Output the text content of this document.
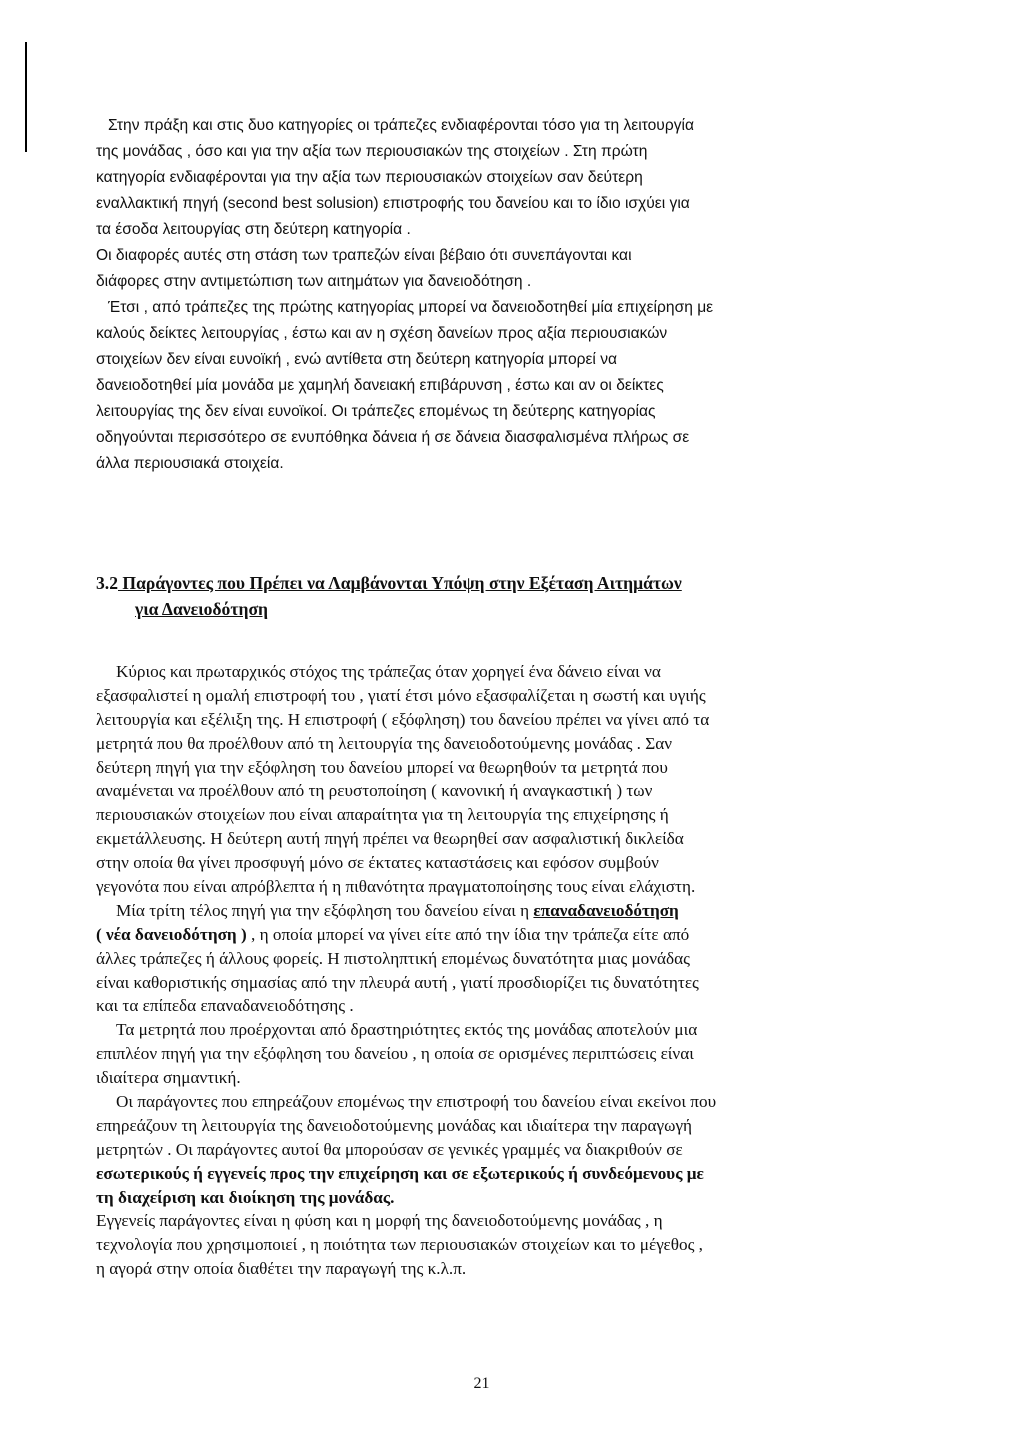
Στην πράξη και στις δυο κατηγορίες οι τράπεζες ενδιαφέρονται τόσο για τη λειτουργία
της μονάδας , όσο και για την αξία των περιουσιακών της στοιχείων . Στη πρώτη
κατηγορία ενδιαφέρονται για την αξία των περιουσιακών στοιχείων σαν δεύτερη
εναλλακτική πηγή (second best solusion) επιστροφής του δανείου και το ίδιο ισχύει για
τα έσοδα λειτουργίας στη δεύτερη κατηγορία .
Οι διαφορές αυτές στη στάση των τραπεζών είναι βέβαιο ότι συνεπάγονται και
διάφορες στην αντιμετώπιση των αιτημάτων για δανειοδότηση .
Έτσι , από τράπεζες της πρώτης κατηγορίας μπορεί να δανειοδοτηθεί μία επιχείρηση με
καλούς δείκτες λειτουργίας , έστω και αν η σχέση δανείων προς αξία περιουσιακών
στοιχείων δεν είναι ευνοϊκή , ενώ αντίθετα στη δεύτερη κατηγορία μπορεί να
δανειοδοτηθεί μία μονάδα με χαμηλή δανειακή επιβάρυνση , έστω και αν οι δείκτες
λειτουργίας της δεν είναι ευνοϊκοί. Οι τράπεζες επομένως τη δεύτερης κατηγορίας
οδηγούνται περισσότερο σε ενυπόθηκα δάνεια ή σε δάνεια διασφαλισμένα πλήρως σε
άλλα περιουσιακά στοιχεία.
3.2 Παράγοντες που Πρέπει να Λαμβάνονται Υπόψη στην Εξέταση Αιτημάτων
για Δανειοδότηση
Κύριος και πρωταρχικός στόχος της τράπεζας όταν χορηγεί ένα δάνειο είναι να
εξασφαλιστεί η ομαλή επιστροφή του , γιατί έτσι μόνο εξασφαλίζεται η σωστή και υγιής
λειτουργία και εξέλιξη της. Η επιστροφή ( εξόφληση) του δανείου πρέπει να γίνει από τα
μετρητά που θα προέλθουν από τη λειτουργία της δανειοδοτούμενης μονάδας . Σαν
δεύτερη πηγή για την εξόφληση του δανείου μπορεί να θεωρηθούν τα μετρητά που
αναμένεται να προέλθουν από τη ρευστοποίηση ( κανονική ή αναγκαστική ) των
περιουσιακών στοιχείων που είναι απαραίτητα για τη λειτουργία της επιχείρησης ή
εκμετάλλευσης. Η δεύτερη αυτή πηγή πρέπει να θεωρηθεί σαν ασφαλιστική δικλείδα
στην οποία θα γίνει προσφυγή μόνο σε έκτατες καταστάσεις και εφόσον συμβούν
γεγονότα που είναι απρόβλεπτα ή η πιθανότητα πραγματοποίησης τους είναι ελάχιστη.
Μία τρίτη τέλος πηγή για την εξόφληση του δανείου είναι η επαναδανειοδότηση
( νέα δανειοδότηση ) , η οποία μπορεί να γίνει είτε από την ίδια την τράπεζα είτε από
άλλες τράπεζες ή άλλους φορείς. Η πιστοληπτική επομένως δυνατότητα μιας μονάδας
είναι καθοριστικής σημασίας από την πλευρά αυτή , γιατί προσδιορίζει τις δυνατότητες
και τα επίπεδα επαναδανειοδότησης .
Τα μετρητά που προέρχονται από δραστηριότητες εκτός της μονάδας αποτελούν μια
επιπλέον πηγή για την εξόφληση του δανείου , η οποία σε ορισμένες περιπτώσεις είναι
ιδιαίτερα σημαντική.
Οι παράγοντες που επηρεάζουν επομένως την επιστροφή του δανείου είναι εκείνοι που
επηρεάζουν τη λειτουργία της δανειοδοτούμενης μονάδας και ιδιαίτερα την παραγωγή
μετρητών . Οι παράγοντες αυτοί θα μπορούσαν σε γενικές γραμμές να διακριθούν σε
εσωτερικούς ή εγγενείς προς την επιχείρηση και σε εξωτερικούς ή συνδεόμενους με
τη διαχείριση και διοίκηση της μονάδας.
Εγγενείς παράγοντες είναι η φύση και η μορφή της δανειοδοτούμενης μονάδας , η
τεχνολογία που χρησιμοποιεί , η ποιότητα των περιουσιακών στοιχείων και το μέγεθος ,
η αγορά στην οποία διαθέτει την παραγωγή της κ.λ.π.
21
